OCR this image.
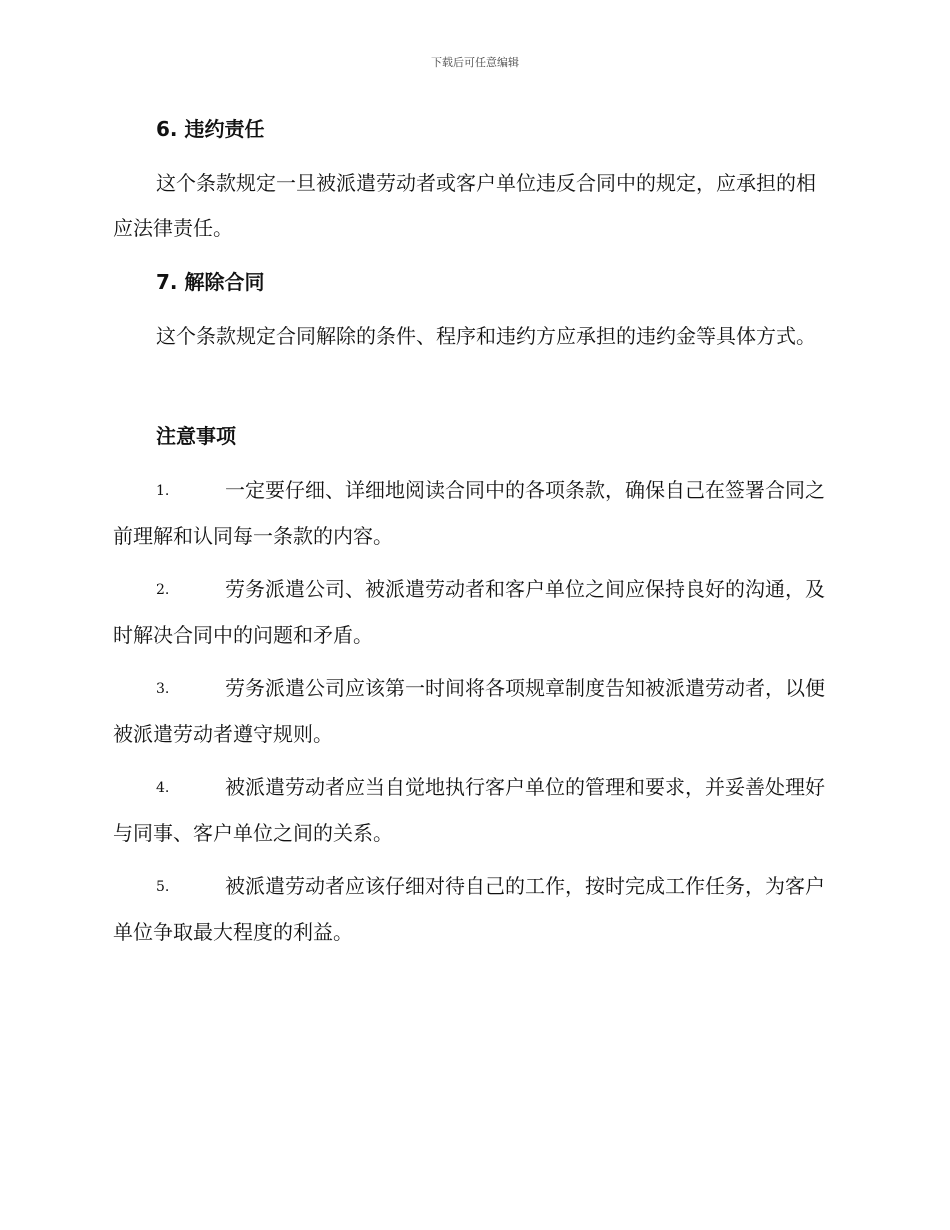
下载后可任意编辑
6. 违约责任
这个条款规定一旦被派遣劳动者或客户单位违反合同中的规定，应承担的相应法律责任。
7. 解除合同
这个条款规定合同解除的条件、程序和违约方应承担的违约金等具体方式。
注意事项
1.	一定要仔细、详细地阅读合同中的各项条款，确保自己在签署合同之前理解和认同每一条款的内容。
2.	劳务派遣公司、被派遣劳动者和客户单位之间应保持良好的沟通，及时解决合同中的问题和矛盾。
3.	劳务派遣公司应该第一时间将各项规章制度告知被派遣劳动者，以便被派遣劳动者遵守规则。
4.	被派遣劳动者应当自觉地执行客户单位的管理和要求，并妥善处理好与同事、客户单位之间的关系。
5.	被派遣劳动者应该仔细对待自己的工作，按时完成工作任务，为客户单位争取最大程度的利益。
